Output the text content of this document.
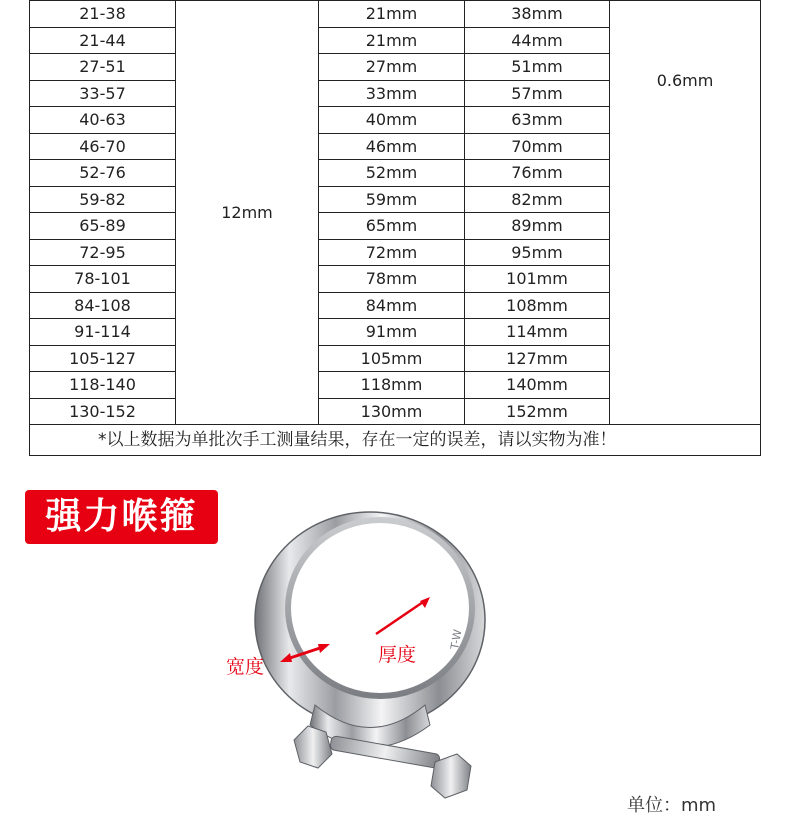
21-38	12mm	21mm	38mm	0.6mm
21-44		21mm	44mm	
27-51		27mm	51mm	
33-57		33mm	57mm	
40-63		40mm	63mm	
46-70		46mm	70mm	
52-76		52mm	76mm	
59-82		59mm	82mm	
65-89		65mm	89mm	
72-95		72mm	95mm	
78-101		78mm	101mm	
84-108		84mm	108mm	
91-114		91mm	114mm	
105-127		105mm	127mm	
118-140		118mm	140mm	
130-152		130mm	152mm	
*以上数据为单批次手工测量结果，存在一定的误差，请以实物为准！				
强力喉箍
T-W
宽度
厚度
单位：mm
